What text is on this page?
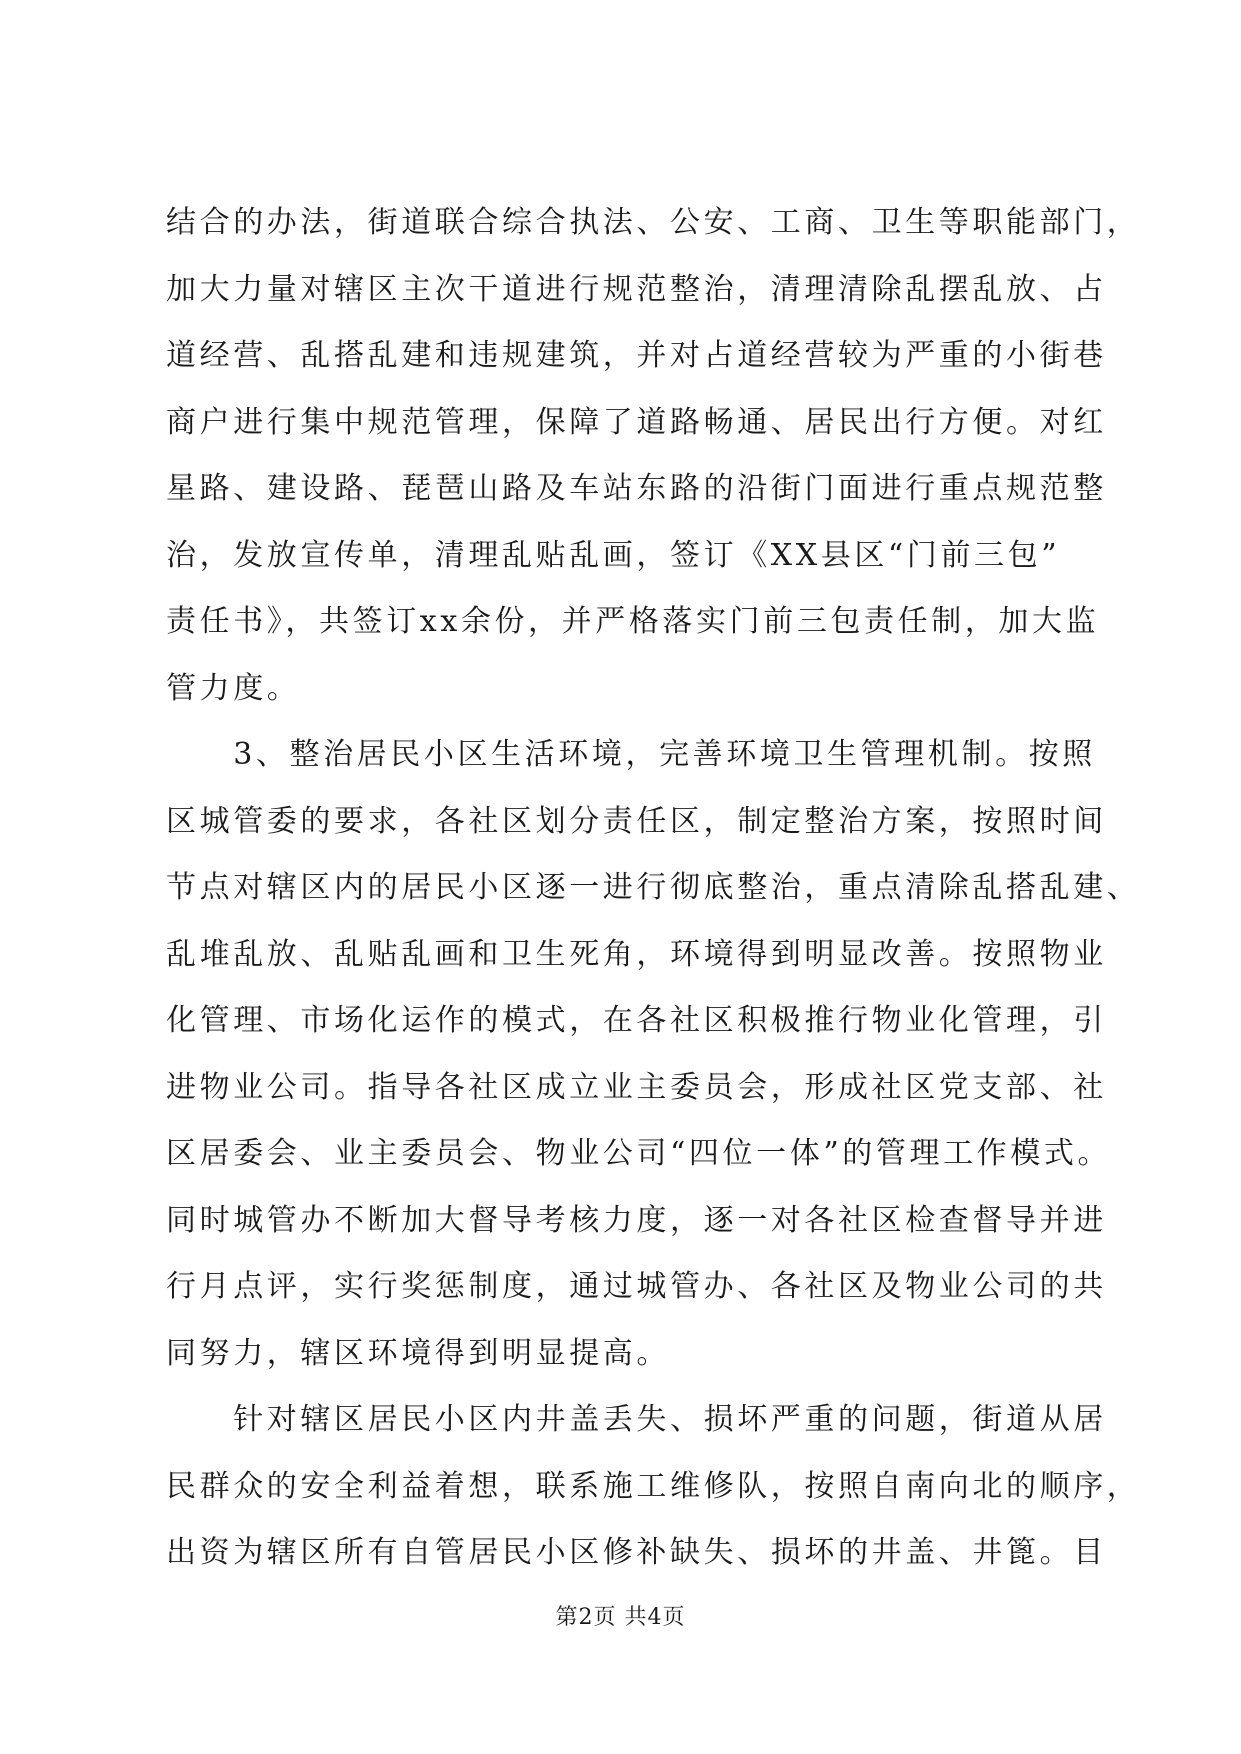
结合的办法，街道联合综合执法、公安、工商、卫生等职能部门，
加大力量对辖区主次干道进行规范整治，清理清除乱摆乱放、占
道经营、乱搭乱建和违规建筑，并对占道经营较为严重的小街巷
商户进行集中规范管理，保障了道路畅通、居民出行方便。对红
星路、建设路、琵琶山路及车站东路的沿街门面进行重点规范整
治，发放宣传单，清理乱贴乱画，签订《XX县区“门前三包”
责任书》，共签订xx余份，并严格落实门前三包责任制，加大监
管力度。
　　3、整治居民小区生活环境，完善环境卫生管理机制。按照
区城管委的要求，各社区划分责任区，制定整治方案，按照时间
节点对辖区内的居民小区逐一进行彻底整治，重点清除乱搭乱建、
乱堆乱放、乱贴乱画和卫生死角，环境得到明显改善。按照物业
化管理、市场化运作的模式，在各社区积极推行物业化管理，引
进物业公司。指导各社区成立业主委员会，形成社区党支部、社
区居委会、业主委员会、物业公司“四位一体”的管理工作模式。
同时城管办不断加大督导考核力度，逐一对各社区检查督导并进
行月点评，实行奖惩制度，通过城管办、各社区及物业公司的共
同努力，辖区环境得到明显提高。
　　针对辖区居民小区内井盖丢失、损坏严重的问题，街道从居
民群众的安全利益着想，联系施工维修队，按照自南向北的顺序，
出资为辖区所有自管居民小区修补缺失、损坏的井盖、井篦。目
第2页 共4页
